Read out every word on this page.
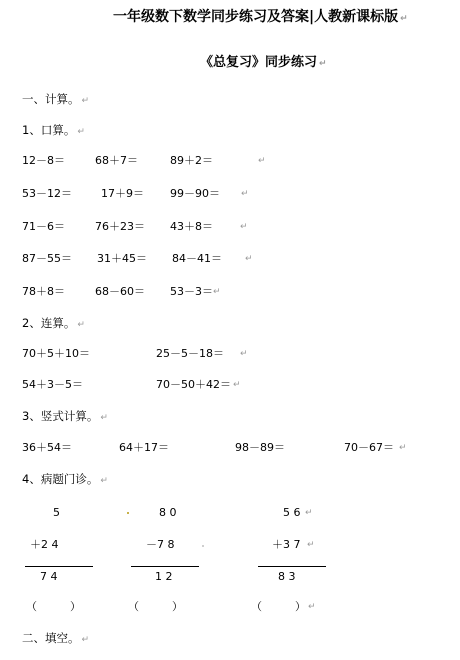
一年级数下数学同步练习及答案|人教新课标版 ↵
《总复习》同步练习 ↵
一、计算。 ↵
1、口算。 ↵
12－8＝	68＋7＝	89＋2＝	↵
53－12＝	17＋9＝ 99－90＝ ↵
71－6＝	76＋23＝ 43＋8＝	↵
87－55＝ 31＋45＝ 84－41＝	↵
78＋8＝	68－60＝ 53－3＝ ↵
2、连算。 ↵
70＋5＋10＝	25－5－18＝ ↵
54＋3－5＝	70－50＋42＝ ↵
3、竖式计算。 ↵
36＋54＝	64＋17＝	98－89＝	70－67＝ ↵
4、病题门诊。 ↵
5
＋2 4
7 4
（　　　）
8 0
－7 8
1 2
（　　　）
5 6 ↵
＋3 7 ↵
8 3
（　　　） ↵
二、填空。 ↵
